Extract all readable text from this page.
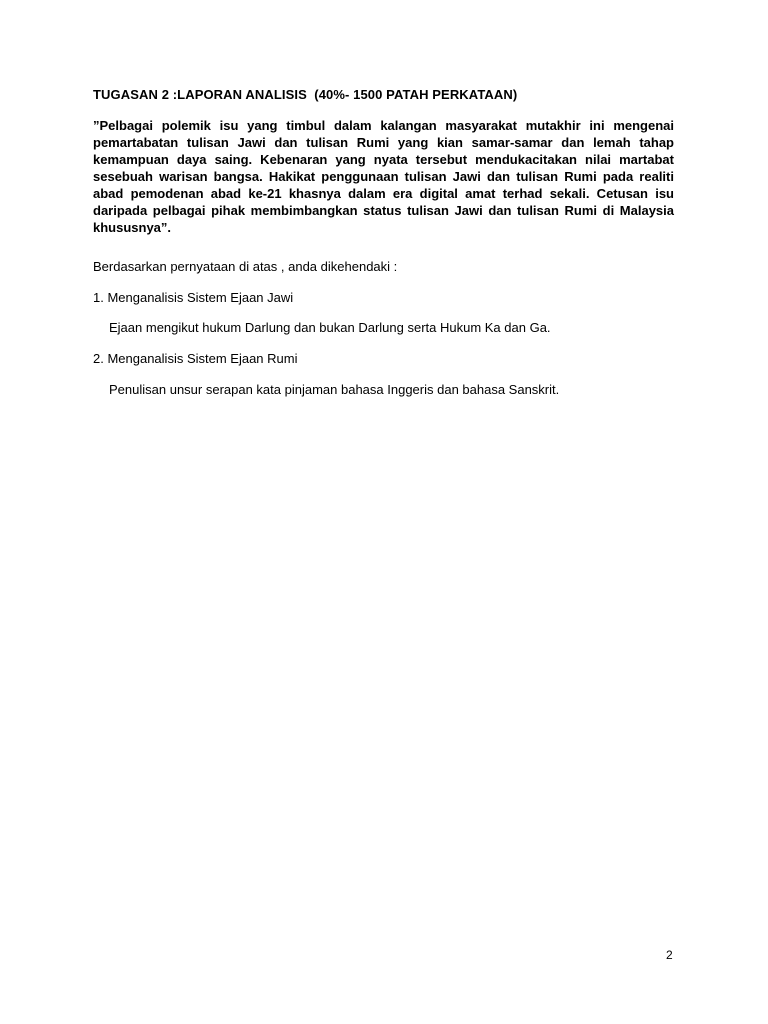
TUGASAN 2 :LAPORAN ANALISIS  (40%- 1500 PATAH PERKATAAN)
”Pelbagai polemik isu yang timbul dalam kalangan masyarakat mutakhir ini mengenai pemartabatan tulisan Jawi dan tulisan Rumi yang kian samar-samar dan lemah tahap kemampuan daya saing. Kebenaran yang nyata tersebut mendukacitakan nilai martabat sesebuah warisan bangsa. Hakikat penggunaan tulisan Jawi dan tulisan Rumi pada realiti abad pemodenan abad ke-21 khasnya dalam era digital amat terhad sekali. Cetusan isu daripada pelbagai pihak membimbangkan status tulisan Jawi dan tulisan Rumi di Malaysia khususnya”.
Berdasarkan pernyataan di atas , anda dikehendaki :
1. Menganalisis Sistem Ejaan Jawi
Ejaan mengikut hukum Darlung dan bukan Darlung serta Hukum Ka dan Ga.
2. Menganalisis Sistem Ejaan Rumi
Penulisan unsur serapan kata pinjaman bahasa Inggeris dan bahasa Sanskrit.
2
